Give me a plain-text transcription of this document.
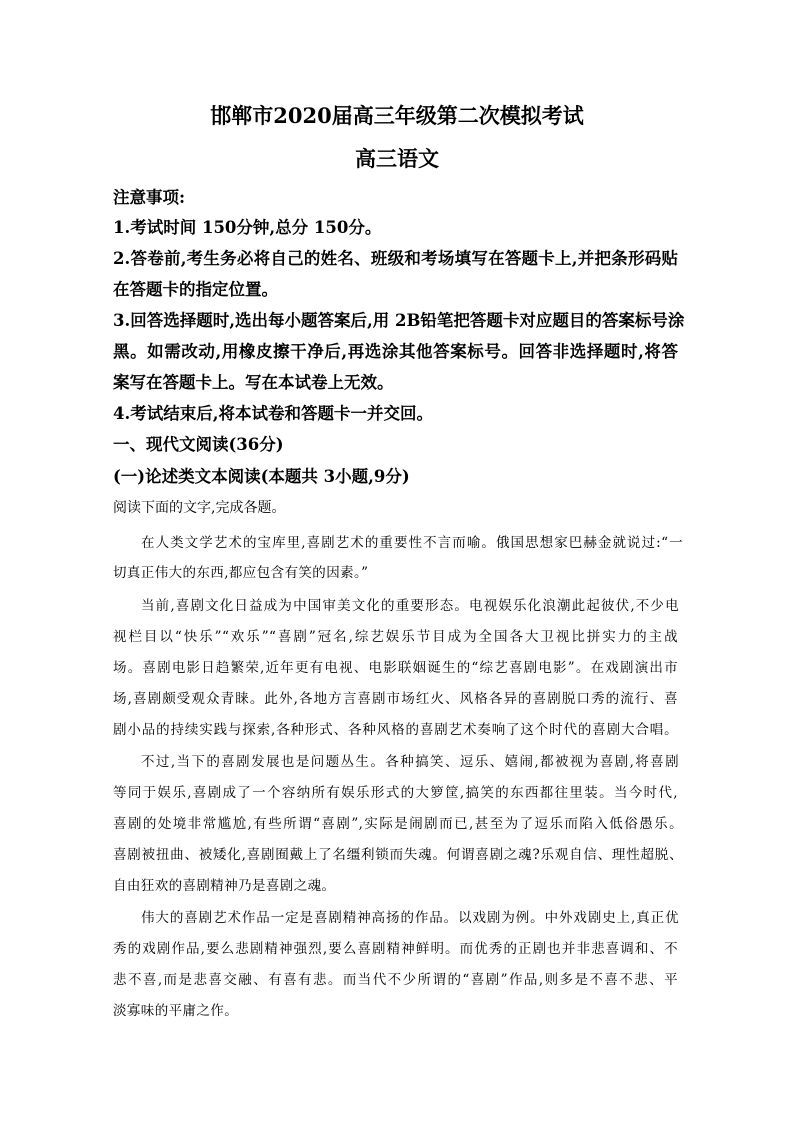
邯郸市2020届高三年级第二次模拟考试
高三语文
注意事项:
1.考试时间 150分钟,总分 150分。
2.答卷前,考生务必将自己的姓名、班级和考场填写在答题卡上,并把条形码贴
在答题卡的指定位置。
3.回答选择题时,选出每小题答案后,用 2B铅笔把答题卡对应题目的答案标号涂
黑。如需改动,用橡皮擦干净后,再选涂其他答案标号。回答非选择题时,将答
案写在答题卡上。写在本试卷上无效。
4.考试结束后,将本试卷和答题卡一并交回。
一、现代文阅读(36分)
(一)论述类文本阅读(本题共 3小题,9分)
阅读下面的文字,完成各题。
在人类文学艺术的宝库里,喜剧艺术的重要性不言而喻。俄国思想家巴赫金就说过:“一
切真正伟大的东西,都应包含有笑的因素。”
当前,喜剧文化日益成为中国审美文化的重要形态。电视娱乐化浪潮此起彼伏,不少电
视栏目以“快乐”“欢乐”“喜剧”冠名,综艺娱乐节目成为全国各大卫视比拼实力的主战
场。喜剧电影日趋繁荣,近年更有电视、电影联姻诞生的“综艺喜剧电影”。在戏剧演出市
场,喜剧颇受观众青睐。此外,各地方言喜剧市场红火、风格各异的喜剧脱口秀的流行、喜
剧小品的持续实践与探索,各种形式、各种风格的喜剧艺术奏响了这个时代的喜剧大合唱。
不过,当下的喜剧发展也是问题丛生。各种搞笑、逗乐、嬉闹,都被视为喜剧,将喜剧
等同于娱乐,喜剧成了一个容纳所有娱乐形式的大箩筐,搞笑的东西都往里装。当今时代,
喜剧的处境非常尴尬,有些所谓“喜剧”,实际是闹剧而已,甚至为了逗乐而陷入低俗愚乐。
喜剧被扭曲、被矮化,喜剧囿戴上了名缰利锁而失魂。何谓喜剧之魂?乐观自信、理性超脱、
自由狂欢的喜剧精神乃是喜剧之魂。
伟大的喜剧艺术作品一定是喜剧精神高扬的作品。以戏剧为例。中外戏剧史上,真正优
秀的戏剧作品,要么悲剧精神强烈,要么喜剧精神鲜明。而优秀的正剧也并非悲喜调和、不
悲不喜,而是悲喜交融、有喜有悲。而当代不少所谓的“喜剧”作品,则多是不喜不悲、平
淡寡味的平庸之作。
